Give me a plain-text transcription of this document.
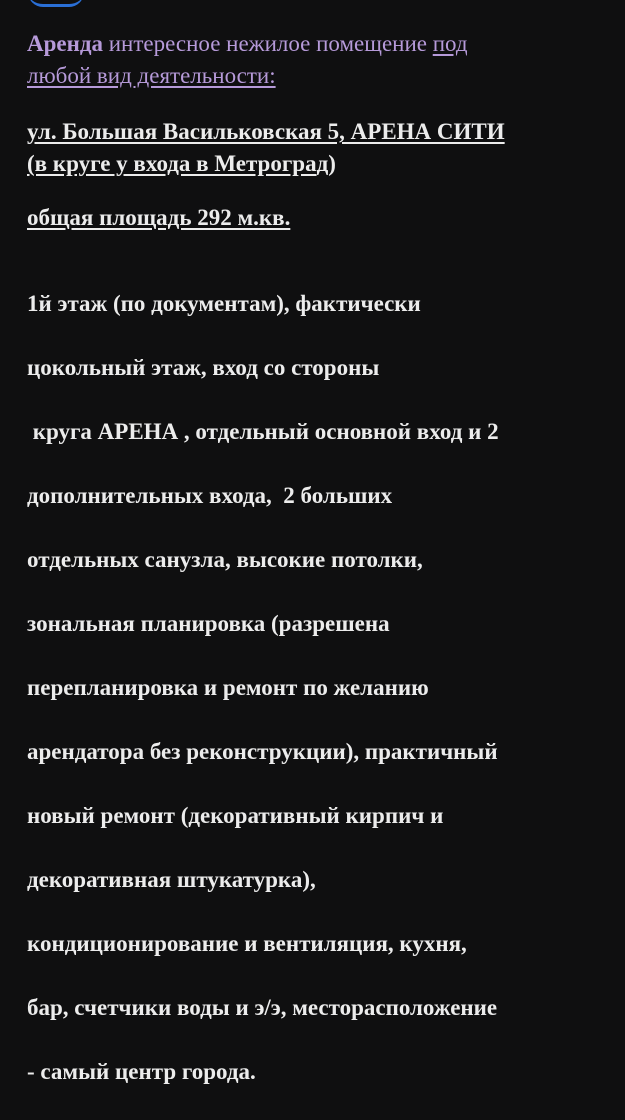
Аренда интересное нежилое помещение под
любой вид деятельности:

ул. Большая Васильковская 5, АРЕНА СИТИ
(в круге у входа в Метроград)

общая площадь 292 м.кв.

1й этаж (по документам), фактически

цокольный этаж, вход со стороны

круга АРЕНА , отдельный основной вход и 2

дополнительных входа,  2 больших

отдельных санузла, высокие потолки,

зональная планировка (разрешена

перепланировка и ремонт по желанию

арендатора без реконструкции), практичный

новый ремонт (декоративный кирпич и

декоративная штукатурка),

кондиционирование и вентиляция, кухня,

бар, счетчики воды и э/э, месторасположение

- самый центр города.
